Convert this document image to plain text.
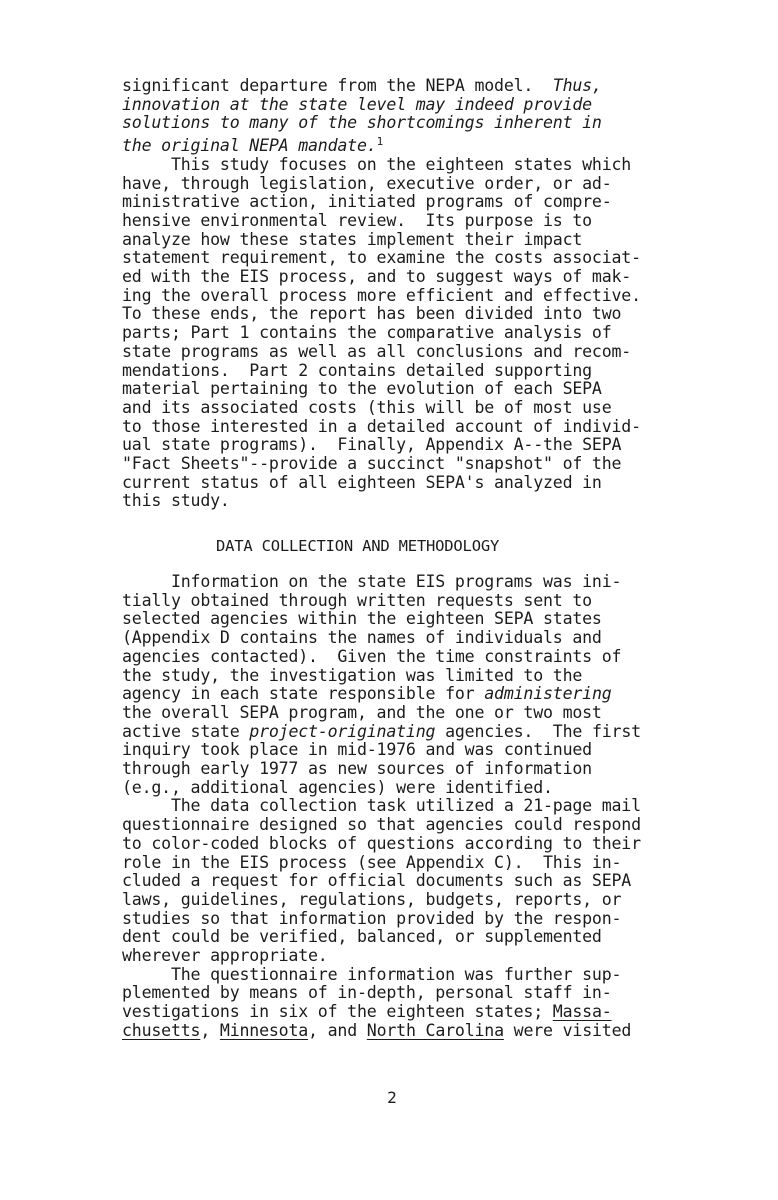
significant departure from the NEPA model. Thus,
innovation at the state level may indeed provide
solutions to many of the shortcomings inherent in
the original NEPA mandate.$^1$
This study focuses on the eighteen states which
have, through legislation, executive order, or ad-
ministrative action, initiated programs of compre-
hensive environmental review.  Its purpose is to
analyze how these states implement their impact
statement requirement, to examine the costs associat-
ed with the EIS process, and to suggest ways of mak-
ing the overall process more efficient and effective.
To these ends, the report has been divided into two
parts; Part 1 contains the comparative analysis of
state programs as well as all conclusions and recom-
mendations.  Part 2 contains detailed supporting
material pertaining to the evolution of each SEPA
and its associated costs (this will be of most use
to those interested in a detailed account of individ-
ual state programs).  Finally, Appendix A--the SEPA
"Fact Sheets"--provide a succinct "snapshot" of the
current status of all eighteen SEPA's analyzed in
this study.
DATA COLLECTION AND METHODOLOGY
Information on the state EIS programs was ini-
tially obtained through written requests sent to
selected agencies within the eighteen SEPA states
(Appendix D contains the names of individuals and
agencies contacted).  Given the time constraints of
the study, the investigation was limited to the
agency in each state responsible for administering
the overall SEPA program, and the one or two most
active state project-originating agencies.  The first
inquiry took place in mid-1976 and was continued
through early 1977 as new sources of information
(e.g., additional agencies) were identified.
The data collection task utilized a 21-page mail
questionnaire designed so that agencies could respond
to color-coded blocks of questions according to their
role in the EIS process (see Appendix C).  This in-
cluded a request for official documents such as SEPA
laws, guidelines, regulations, budgets, reports, or
studies so that information provided by the respon-
dent could be verified, balanced, or supplemented
wherever appropriate.
The questionnaire information was further sup-
plemented by means of in-depth, personal staff in-
vestigations in six of the eighteen states; Massa-
chusetts, Minnesota, and North Carolina were visited
2
